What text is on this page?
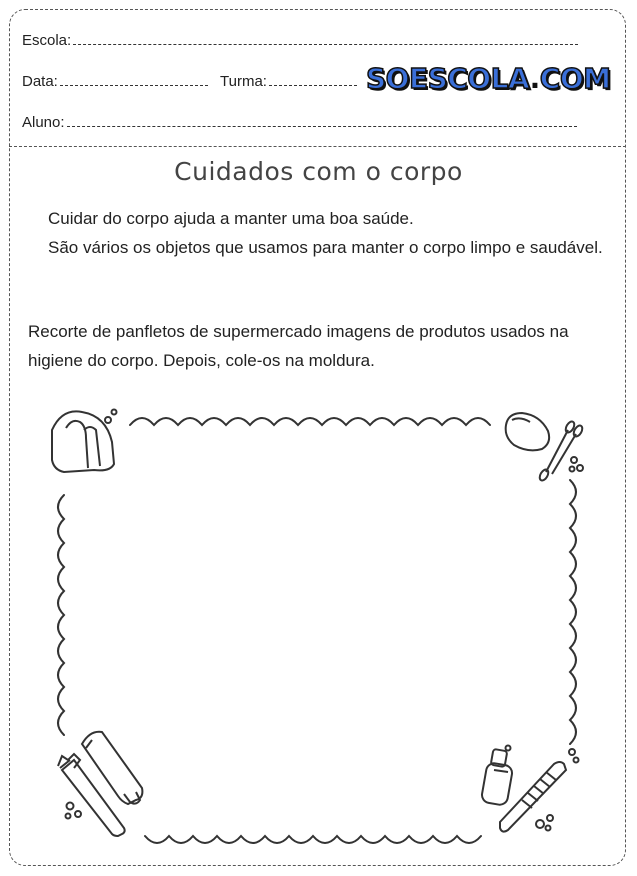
Escola:
Data:	Turma:	SOESCOLA.COM
Aluno:
Cuidados com o corpo

Cuidar do corpo ajuda a manter uma boa saúde.

São vários os objetos que usamos para manter o corpo limpo e saudável.

Recorte de panfletos de supermercado imagens de produtos usados na higiene do corpo. Depois, cole-os na moldura.
